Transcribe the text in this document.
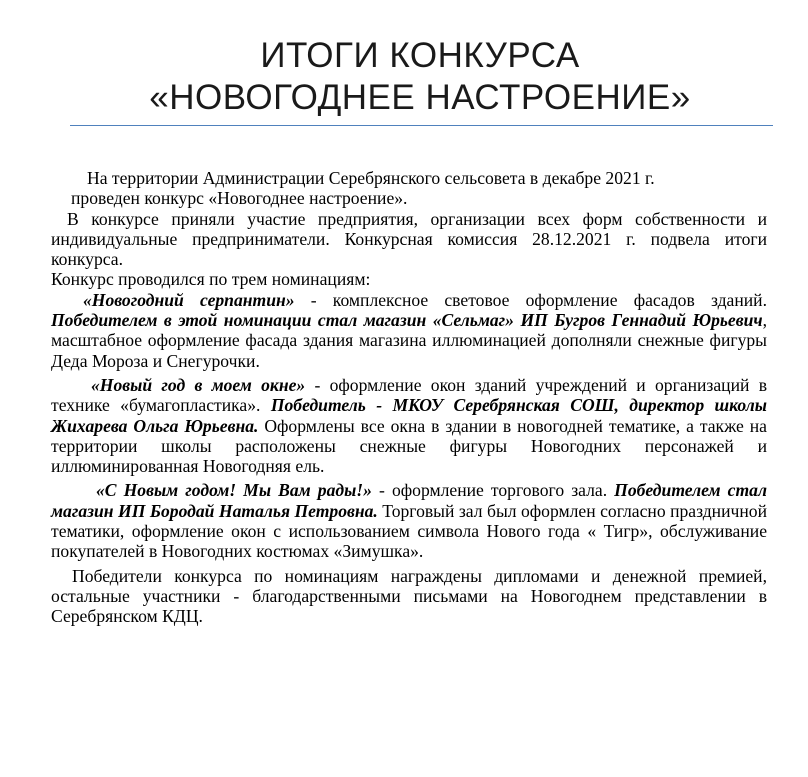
ИТОГИ КОНКУРСА
«НОВОГОДНЕЕ НАСТРОЕНИЕ»

На территории Администрации Серебрянского сельсовета в декабре 2021 г.

проведен конкурс «Новогоднее настроение».

В конкурсе приняли участие предприятия, организации всех форм собственности и индивидуальные предприниматели. Конкурсная комиссия 28.12.2021 г. подвела итоги конкурса.

Конкурс проводился по трем номинациям:

«Новогодний серпантин» - комплексное световое оформление фасадов зданий. Победителем в этой номинации стал магазин «Сельмаг» ИП Бугров Геннадий Юрьевич, масштабное оформление фасада здания магазина иллюминацией дополняли снежные фигуры Деда Мороза и Снегурочки.

«Новый год в моем окне» - оформление окон зданий учреждений и организаций в технике «бумагопластика». Победитель - МКОУ Серебрянская СОШ, директор школы Жихарева Ольга Юрьевна. Оформлены все окна в здании в новогодней тематике, а также на территории школы расположены снежные фигуры Новогодних персонажей и иллюминированная Новогодняя ель.

«С Новым годом! Мы Вам рады!» - оформление торгового зала. Победителем стал магазин ИП Бородай Наталья Петровна. Торговый зал был оформлен согласно праздничной тематики, оформление окон с использованием символа Нового года « Тигр», обслуживание покупателей в Новогодних костюмах «Зимушка».

Победители конкурса по номинациям награждены дипломами и денежной премией, остальные участники - благодарственными письмами на Новогоднем представлении в Серебрянском КДЦ.
